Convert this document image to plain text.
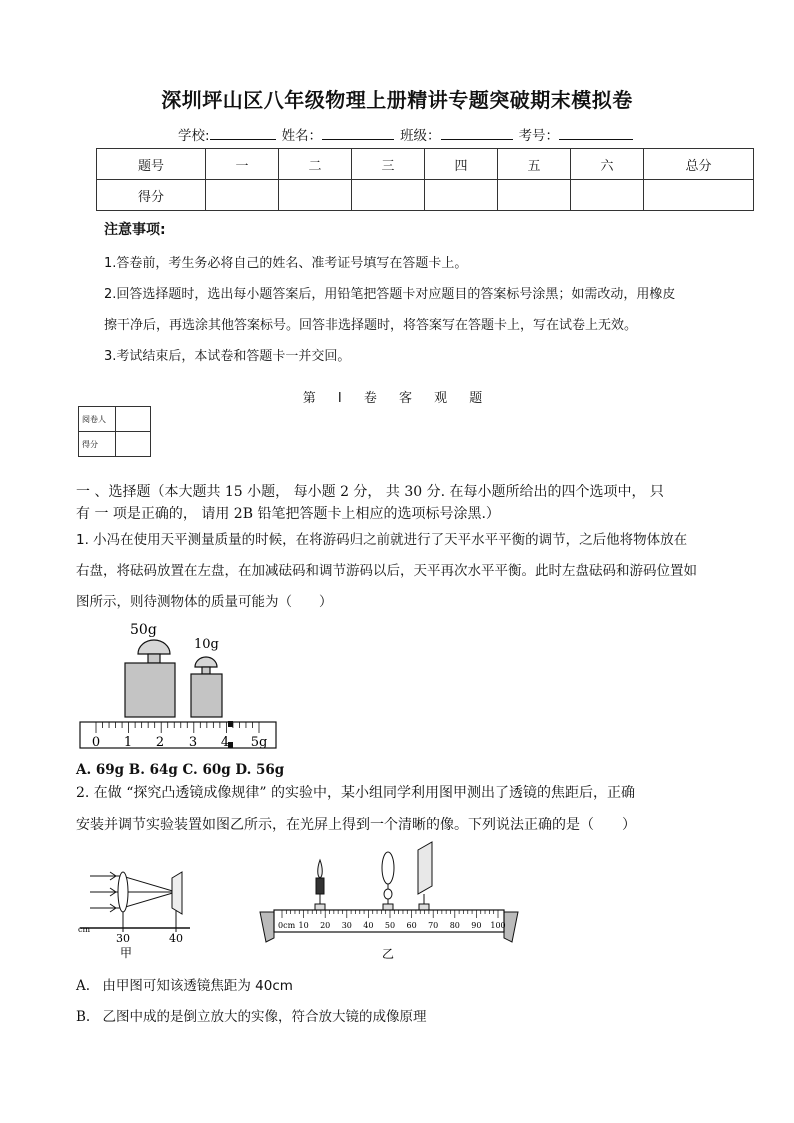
深圳坪山区八年级物理上册精讲专题突破期末模拟卷
学校:	姓名：	班级：	考号：
题号	一	二	三	四	五	六	总分
得分							
注意事项:
1.答卷前，考生务必将自己的姓名、准考证号填写在答题卡上。
2.回答选择题时，选出每小题答案后，用铅笔把答题卡对应题目的答案标号涂黑；如需改动，用橡皮
擦干净后，再选涂其他答案标号。回答非选择题时，将答案写在答题卡上，写在试卷上无效。
3.考试结束后，本试卷和答题卡一并交回。
第 I 卷 客 观 题
阅卷人	
得分	
一 、选择题（本大题共 15 小题， 每小题 2 分， 共 30 分. 在每小题所给出的四个选项中， 只
有 一 项是正确的， 请用 2B 铅笔把答题卡上相应的选项标号涂黑.）
1. 小冯在使用天平测量质量的时候，在将游码归之前就进行了天平水平平衡的调节，之后他将物体放在
右盘，将砝码放置在左盘，在加减砝码和调节游码以后，天平再次水平平衡。此时左盘砝码和游码位置如
图所示，则待测物体的质量可能为（　　）
50g
10g
0 1 2 3 4 5g
A. 69g B. 64g C. 60g D. 56g
2. 在做 “探究凸透镜成像规律” 的实验中，某小组同学利用图甲测出了透镜的焦距后，正确
安装并调节实验装置如图乙所示，在光屏上得到一个清晰的像。下列说法正确的是（　　）
cm
30	40
甲
0cm 10 20 30 40 50 60 70 80 90 100
乙
A. 由甲图可知该透镜焦距为 40cm
B. 乙图中成的是倒立放大的实像，符合放大镜的成像原理
